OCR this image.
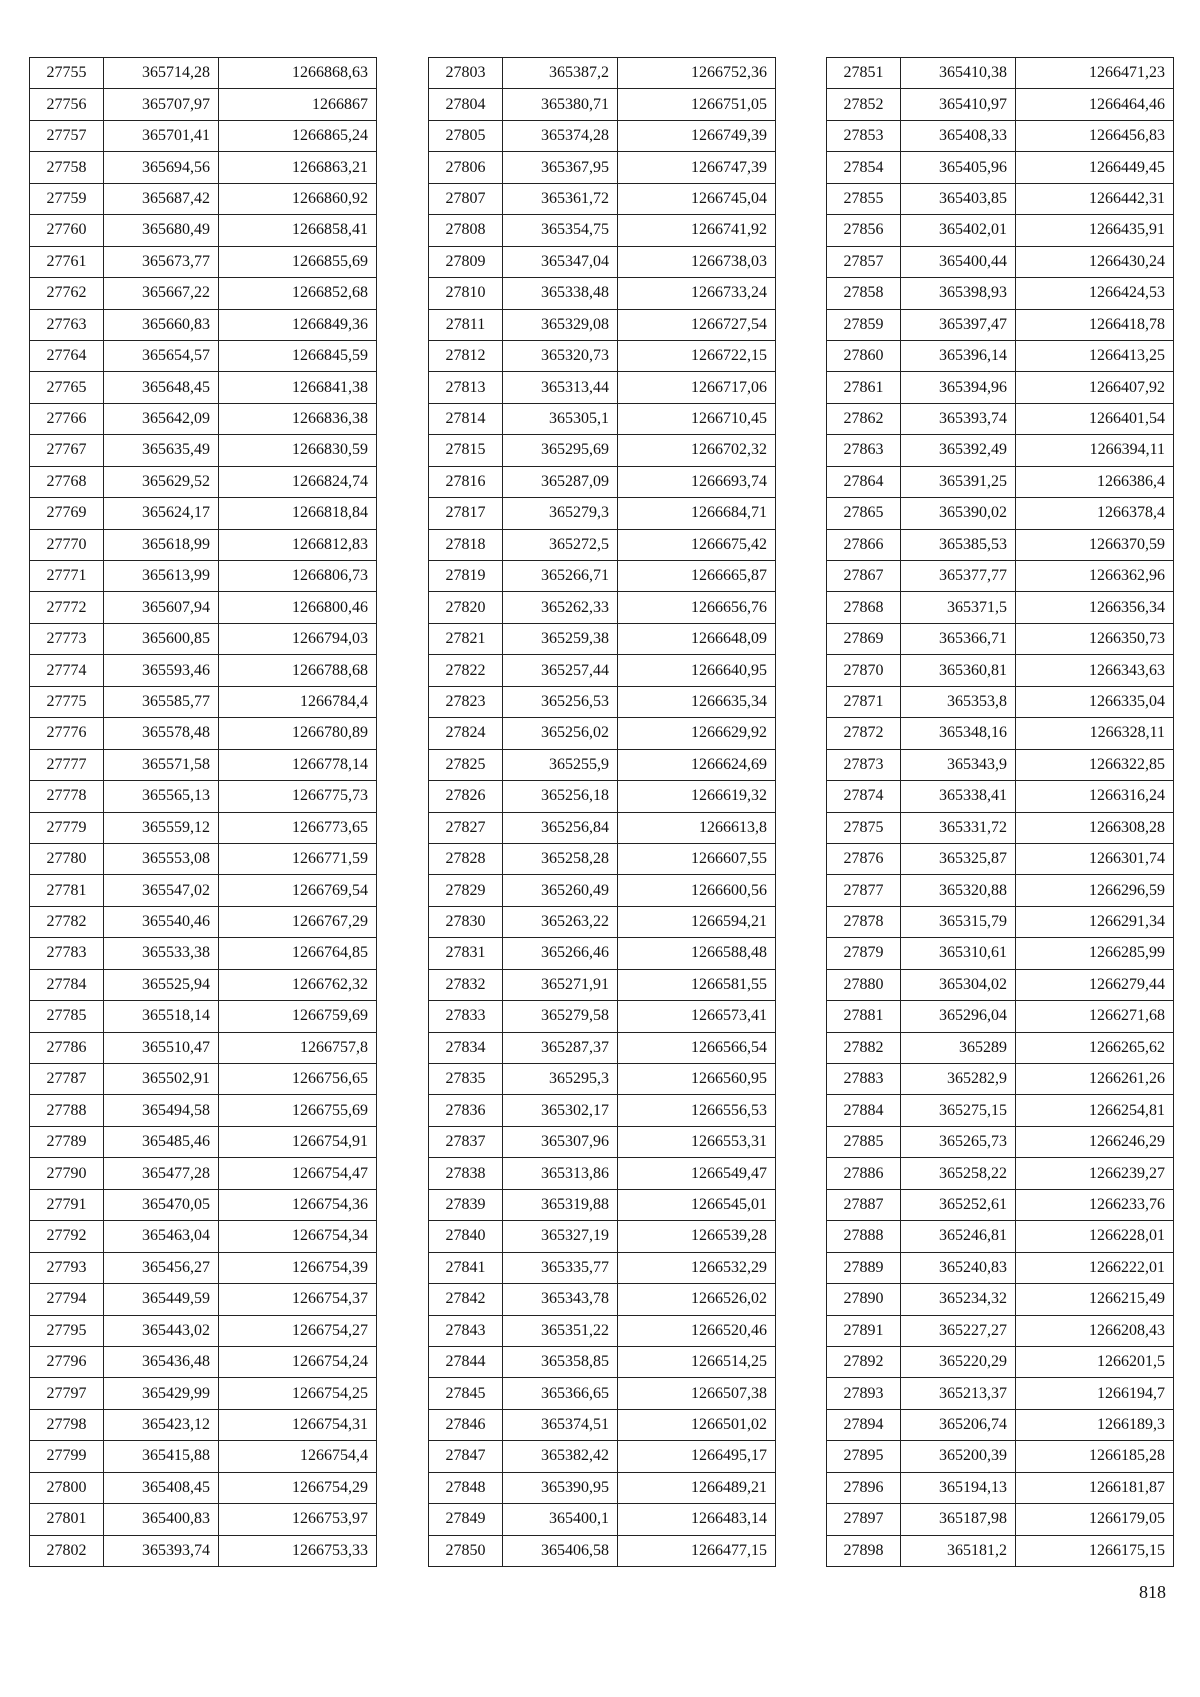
27755	365714,28	1266868,63
27756	365707,97	1266867
27757	365701,41	1266865,24
27758	365694,56	1266863,21
27759	365687,42	1266860,92
27760	365680,49	1266858,41
27761	365673,77	1266855,69
27762	365667,22	1266852,68
27763	365660,83	1266849,36
27764	365654,57	1266845,59
27765	365648,45	1266841,38
27766	365642,09	1266836,38
27767	365635,49	1266830,59
27768	365629,52	1266824,74
27769	365624,17	1266818,84
27770	365618,99	1266812,83
27771	365613,99	1266806,73
27772	365607,94	1266800,46
27773	365600,85	1266794,03
27774	365593,46	1266788,68
27775	365585,77	1266784,4
27776	365578,48	1266780,89
27777	365571,58	1266778,14
27778	365565,13	1266775,73
27779	365559,12	1266773,65
27780	365553,08	1266771,59
27781	365547,02	1266769,54
27782	365540,46	1266767,29
27783	365533,38	1266764,85
27784	365525,94	1266762,32
27785	365518,14	1266759,69
27786	365510,47	1266757,8
27787	365502,91	1266756,65
27788	365494,58	1266755,69
27789	365485,46	1266754,91
27790	365477,28	1266754,47
27791	365470,05	1266754,36
27792	365463,04	1266754,34
27793	365456,27	1266754,39
27794	365449,59	1266754,37
27795	365443,02	1266754,27
27796	365436,48	1266754,24
27797	365429,99	1266754,25
27798	365423,12	1266754,31
27799	365415,88	1266754,4
27800	365408,45	1266754,29
27801	365400,83	1266753,97
27802	365393,74	1266753,33
27803	365387,2	1266752,36
27804	365380,71	1266751,05
27805	365374,28	1266749,39
27806	365367,95	1266747,39
27807	365361,72	1266745,04
27808	365354,75	1266741,92
27809	365347,04	1266738,03
27810	365338,48	1266733,24
27811	365329,08	1266727,54
27812	365320,73	1266722,15
27813	365313,44	1266717,06
27814	365305,1	1266710,45
27815	365295,69	1266702,32
27816	365287,09	1266693,74
27817	365279,3	1266684,71
27818	365272,5	1266675,42
27819	365266,71	1266665,87
27820	365262,33	1266656,76
27821	365259,38	1266648,09
27822	365257,44	1266640,95
27823	365256,53	1266635,34
27824	365256,02	1266629,92
27825	365255,9	1266624,69
27826	365256,18	1266619,32
27827	365256,84	1266613,8
27828	365258,28	1266607,55
27829	365260,49	1266600,56
27830	365263,22	1266594,21
27831	365266,46	1266588,48
27832	365271,91	1266581,55
27833	365279,58	1266573,41
27834	365287,37	1266566,54
27835	365295,3	1266560,95
27836	365302,17	1266556,53
27837	365307,96	1266553,31
27838	365313,86	1266549,47
27839	365319,88	1266545,01
27840	365327,19	1266539,28
27841	365335,77	1266532,29
27842	365343,78	1266526,02
27843	365351,22	1266520,46
27844	365358,85	1266514,25
27845	365366,65	1266507,38
27846	365374,51	1266501,02
27847	365382,42	1266495,17
27848	365390,95	1266489,21
27849	365400,1	1266483,14
27850	365406,58	1266477,15
27851	365410,38	1266471,23
27852	365410,97	1266464,46
27853	365408,33	1266456,83
27854	365405,96	1266449,45
27855	365403,85	1266442,31
27856	365402,01	1266435,91
27857	365400,44	1266430,24
27858	365398,93	1266424,53
27859	365397,47	1266418,78
27860	365396,14	1266413,25
27861	365394,96	1266407,92
27862	365393,74	1266401,54
27863	365392,49	1266394,11
27864	365391,25	1266386,4
27865	365390,02	1266378,4
27866	365385,53	1266370,59
27867	365377,77	1266362,96
27868	365371,5	1266356,34
27869	365366,71	1266350,73
27870	365360,81	1266343,63
27871	365353,8	1266335,04
27872	365348,16	1266328,11
27873	365343,9	1266322,85
27874	365338,41	1266316,24
27875	365331,72	1266308,28
27876	365325,87	1266301,74
27877	365320,88	1266296,59
27878	365315,79	1266291,34
27879	365310,61	1266285,99
27880	365304,02	1266279,44
27881	365296,04	1266271,68
27882	365289	1266265,62
27883	365282,9	1266261,26
27884	365275,15	1266254,81
27885	365265,73	1266246,29
27886	365258,22	1266239,27
27887	365252,61	1266233,76
27888	365246,81	1266228,01
27889	365240,83	1266222,01
27890	365234,32	1266215,49
27891	365227,27	1266208,43
27892	365220,29	1266201,5
27893	365213,37	1266194,7
27894	365206,74	1266189,3
27895	365200,39	1266185,28
27896	365194,13	1266181,87
27897	365187,98	1266179,05
27898	365181,2	1266175,15
818
